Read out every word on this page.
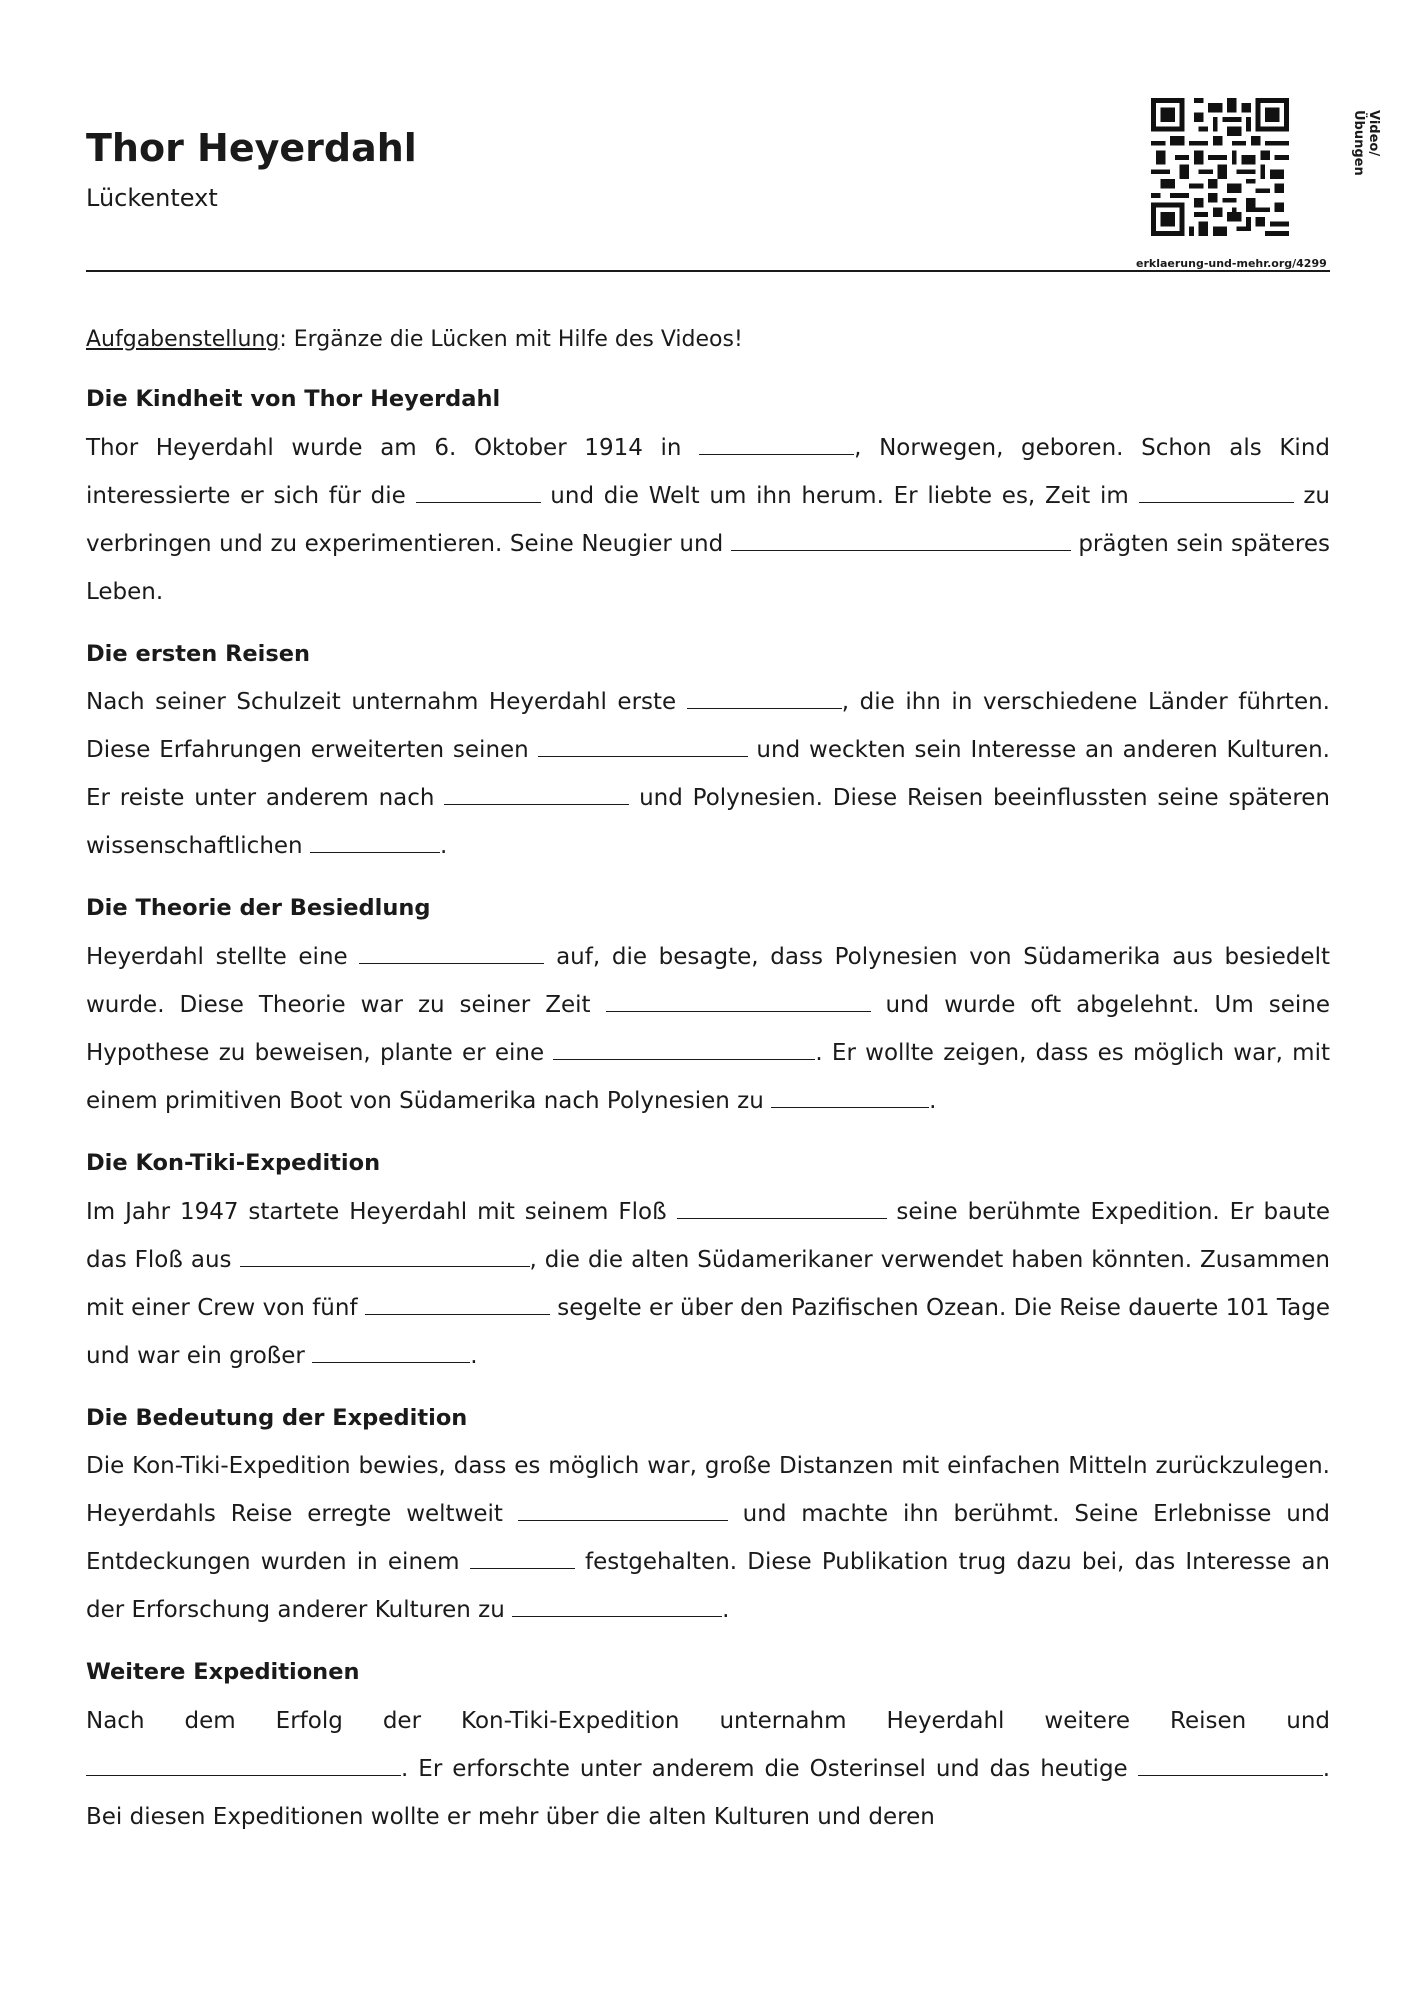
Thor Heyerdahl
Lückentext
Video/Übungen
erklaerung-und-mehr.org/4299

Aufgabenstellung: Ergänze die Lücken mit Hilfe des Videos!

Die Kindheit von Thor Heyerdahl

Thor Heyerdahl wurde am 6. Oktober 1914 in	, Norwegen, geboren. Schon als Kind interessierte er sich für die	und die Welt um ihn herum. Er liebte es, Zeit im	zu verbringen und zu experimentieren. Seine Neugier und	prägten sein späteres Leben.

Die ersten Reisen

Nach seiner Schulzeit unternahm Heyerdahl erste	, die ihn in verschiedene Länder führten. Diese Erfahrungen erweiterten seinen	und weckten sein Interesse an anderen Kulturen. Er reiste unter anderem nach	und Polynesien. Diese Reisen beeinflussten seine späteren wissenschaftlichen	.

Die Theorie der Besiedlung

Heyerdahl stellte eine	auf, die besagte, dass Polynesien von Südamerika aus besiedelt wurde. Diese Theorie war zu seiner Zeit	und wurde oft abgelehnt. Um seine Hypothese zu beweisen, plante er eine	. Er wollte zeigen, dass es möglich war, mit einem primitiven Boot von Südamerika nach Polynesien zu	.

Die Kon-Tiki-Expedition

Im Jahr 1947 startete Heyerdahl mit seinem Floß	seine berühmte Expedition. Er baute das Floß aus	, die die alten Südamerikaner verwendet haben könnten. Zusammen mit einer Crew von fünf	segelte er über den Pazifischen Ozean. Die Reise dauerte 101 Tage und war ein großer	.

Die Bedeutung der Expedition

Die Kon-Tiki-Expedition bewies, dass es möglich war, große Distanzen mit einfachen Mitteln zurückzulegen. Heyerdahls Reise erregte weltweit	und machte ihn berühmt. Seine Erlebnisse und Entdeckungen wurden in einem	festgehalten. Diese Publikation trug dazu bei, das Interesse an der Erforschung anderer Kulturen zu	.

Weitere Expeditionen

Nach dem Erfolg der Kon-Tiki-Expedition unternahm Heyerdahl weitere Reisen und . Er erforschte unter anderem die Osterinsel und das heutige	. Bei diesen Expeditionen wollte er mehr über die alten Kulturen und deren
